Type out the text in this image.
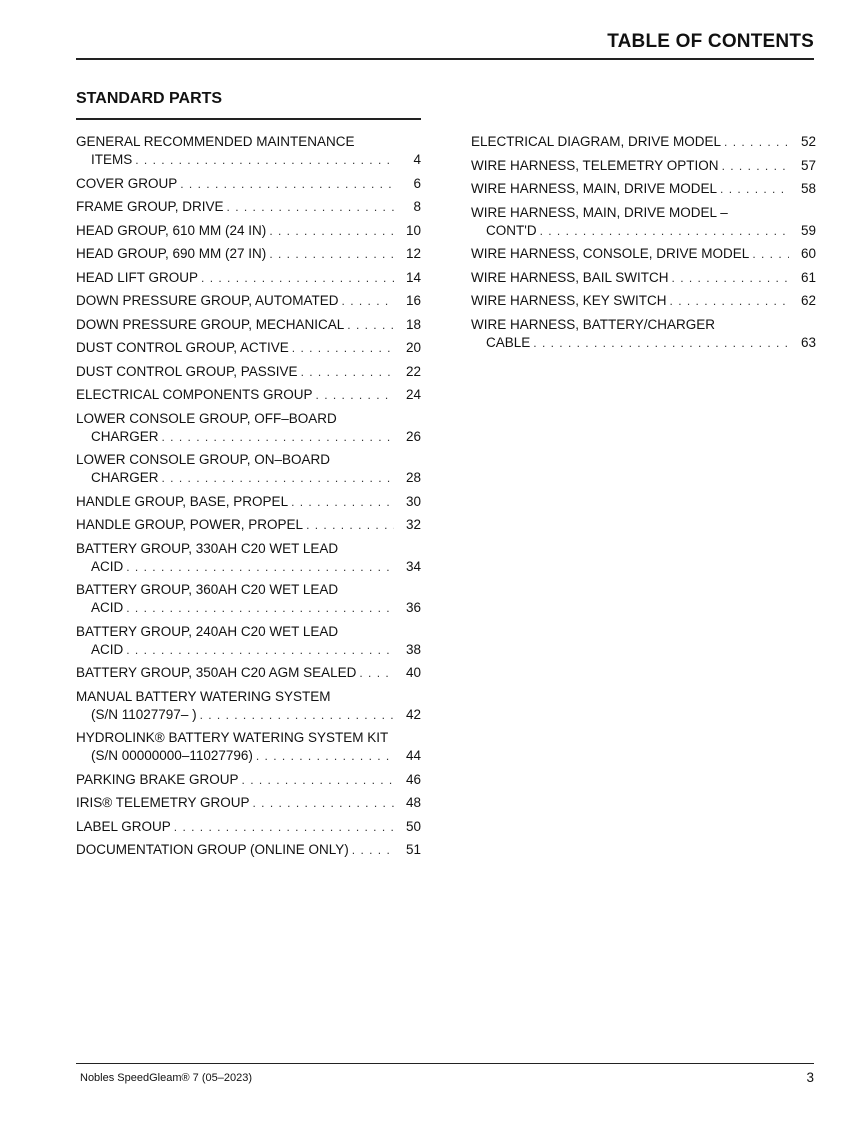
TABLE OF CONTENTS
STANDARD PARTS
GENERAL RECOMMENDED MAINTENANCE
ITEMS . . .	4
COVER GROUP . . .	6
FRAME GROUP, DRIVE . . .	8
HEAD GROUP, 610 MM (24 IN) . . .	10
HEAD GROUP, 690 MM (27 IN) . . .	12
HEAD LIFT GROUP . . .	14
DOWN PRESSURE GROUP, AUTOMATED . . .	16
DOWN PRESSURE GROUP, MECHANICAL . . .	18
DUST CONTROL GROUP, ACTIVE . . .	20
DUST CONTROL GROUP, PASSIVE . . .	22
ELECTRICAL COMPONENTS GROUP . . .	24
LOWER CONSOLE GROUP, OFF–BOARD
CHARGER . . .	26
LOWER CONSOLE GROUP, ON–BOARD
CHARGER . . .	28
HANDLE GROUP, BASE, PROPEL . . .	30
HANDLE GROUP, POWER, PROPEL . . .	32
BATTERY GROUP, 330AH C20 WET LEAD
ACID . . .	34
BATTERY GROUP, 360AH C20 WET LEAD
ACID . . .	36
BATTERY GROUP, 240AH C20 WET LEAD
ACID . . .	38
BATTERY GROUP, 350AH C20 AGM SEALED . . .	40
MANUAL BATTERY WATERING SYSTEM
(S/N 11027797– ) . . .	42
HYDROLINK® BATTERY WATERING SYSTEM KIT
(S/N 00000000–11027796) . . .	44
PARKING BRAKE GROUP . . .	46
IRIS® TELEMETRY GROUP . . .	48
LABEL GROUP . . .	50
DOCUMENTATION GROUP (ONLINE ONLY) . . .	51
ELECTRICAL DIAGRAM, DRIVE MODEL . . .	52
WIRE HARNESS, TELEMETRY OPTION . . .	57
WIRE HARNESS, MAIN, DRIVE MODEL . . .	58
WIRE HARNESS, MAIN, DRIVE MODEL –
CONT'D . . .	59
WIRE HARNESS, CONSOLE, DRIVE MODEL . . .	60
WIRE HARNESS, BAIL SWITCH . . .	61
WIRE HARNESS, KEY SWITCH . . .	62
WIRE HARNESS, BATTERY/CHARGER
CABLE . . .	63
Nobles SpeedGleam® 7 (05–2023)	3
